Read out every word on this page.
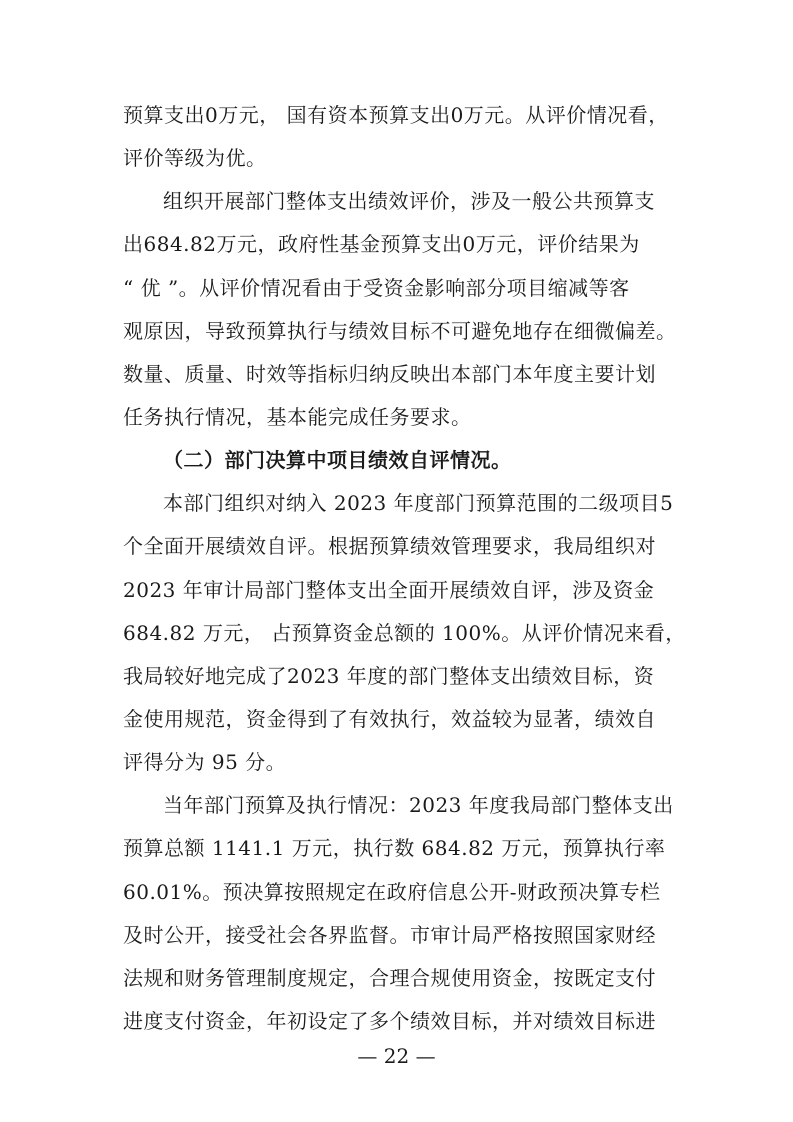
预算支出0万元， 国有资本预算支出0万元。从评价情况看，
评价等级为优。
组织开展部门整体支出绩效评价，涉及一般公共预算支
出684.82万元，政府性基金预算支出0万元，评价结果为
“ 优 ”。从评价情况看由于受资金影响部分项目缩减等客
观原因，导致预算执行与绩效目标不可避免地存在细微偏差。
数量、质量、时效等指标归纳反映出本部门本年度主要计划
任务执行情况，基本能完成任务要求。
（二）部门决算中项目绩效自评情况。
本部门组织对纳入 2023 年度部门预算范围的二级项目5
个全面开展绩效自评。根据预算绩效管理要求，我局组织对
2023 年审计局部门整体支出全面开展绩效自评，涉及资金
684.82 万元， 占预算资金总额的 100%。从评价情况来看，
我局较好地完成了2023 年度的部门整体支出绩效目标，资
金使用规范，资金得到了有效执行，效益较为显著，绩效自
评得分为 95 分。
当年部门预算及执行情况：2023 年度我局部门整体支出
预算总额 1141.1 万元，执行数 684.82 万元，预算执行率
60.01%。预决算按照规定在政府信息公开-财政预决算专栏
及时公开，接受社会各界监督。市审计局严格按照国家财经
法规和财务管理制度规定，合理合规使用资金，按既定支付
进度支付资金，年初设定了多个绩效目标，并对绩效目标进
— 22 —
